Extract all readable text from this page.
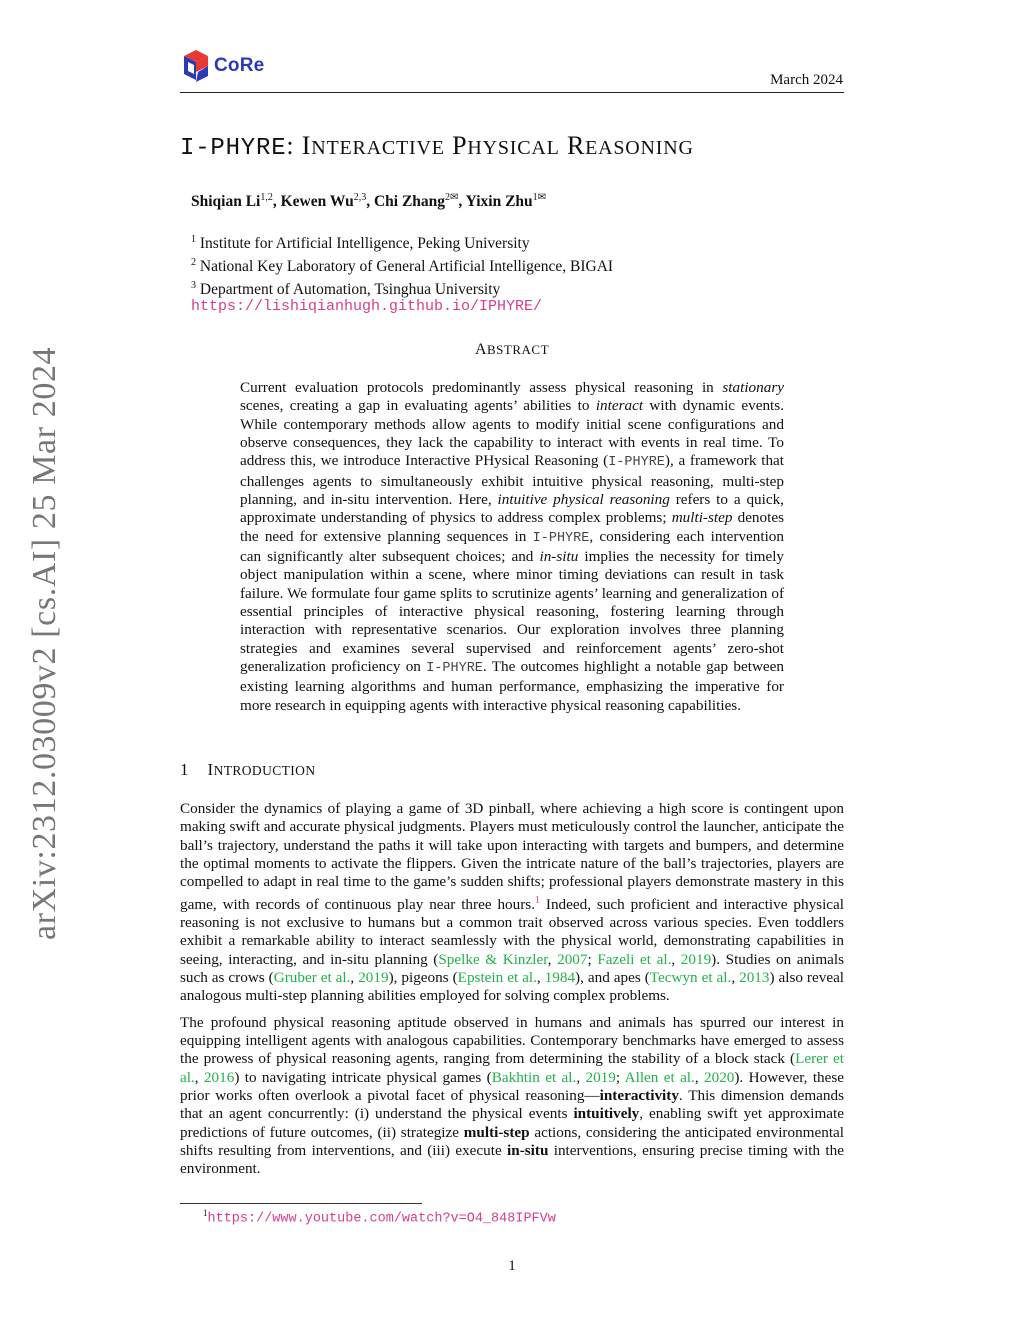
CoRe
March 2024
arXiv:2312.03009v2 [cs.AI] 25 Mar 2024
I-PHYRE: INTERACTIVE PHYSICAL REASONING
Shiqian Li$^{1,2}$, Kewen Wu$^{2,3}$, Chi Zhang$^{2✉}$, Yixin Zhu$^{1✉}$
$^1$ Institute for Artificial Intelligence, Peking University
$^2$ National Key Laboratory of General Artificial Intelligence, BIGAI
$^3$ Department of Automation, Tsinghua University
https://lishiqianhugh.github.io/IPHYRE/
ABSTRACT
Current evaluation protocols predominantly assess physical reasoning in stationary scenes, creating a gap in evaluating agents’ abilities to interact with dynamic events. While contemporary methods allow agents to modify initial scene configurations and observe consequences, they lack the capability to interact with events in real time. To address this, we introduce Interactive PHysical Reasoning (I-PHYRE), a framework that challenges agents to simultaneously exhibit intuitive physical reasoning, multi-step planning, and in-situ intervention. Here, intuitive physical reasoning refers to a quick, approximate understanding of physics to address complex problems; multi-step denotes the need for extensive planning sequences in I-PHYRE, considering each intervention can significantly alter subsequent choices; and in-situ implies the necessity for timely object manipulation within a scene, where minor timing deviations can result in task failure. We formulate four game splits to scrutinize agents’ learning and generalization of essential principles of interactive physical reasoning, fostering learning through interaction with representative scenarios. Our exploration involves three planning strategies and examines several supervised and reinforcement agents’ zero-shot generalization proficiency on I-PHYRE. The outcomes highlight a notable gap between existing learning algorithms and human performance, emphasizing the imperative for more research in equipping agents with interactive physical reasoning capabilities.
1 INTRODUCTION

Consider the dynamics of playing a game of 3D pinball, where achieving a high score is contingent upon making swift and accurate physical judgments. Players must meticulously control the launcher, anticipate the ball’s trajectory, understand the paths it will take upon interacting with targets and bumpers, and determine the optimal moments to activate the flippers. Given the intricate nature of the ball’s trajectories, players are compelled to adapt in real time to the game’s sudden shifts; professional players demonstrate mastery in this game, with records of continuous play near three hours.$^1$ Indeed, such proficient and interactive physical reasoning is not exclusive to humans but a common trait observed across various species. Even toddlers exhibit a remarkable ability to interact seamlessly with the physical world, demonstrating capabilities in seeing, interacting, and in-situ planning (Spelke & Kinzler, 2007; Fazeli et al., 2019). Studies on animals such as crows (Gruber et al., 2019), pigeons (Epstein et al., 1984), and apes (Tecwyn et al., 2013) also reveal analogous multi-step planning abilities employed for solving complex problems.

The profound physical reasoning aptitude observed in humans and animals has spurred our interest in equipping intelligent agents with analogous capabilities. Contemporary benchmarks have emerged to assess the prowess of physical reasoning agents, ranging from determining the stability of a block stack (Lerer et al., 2016) to navigating intricate physical games (Bakhtin et al., 2019; Allen et al., 2020). However, these prior works often overlook a pivotal facet of physical reasoning—interactivity. This dimension demands that an agent concurrently: (i) understand the physical events intuitively, enabling swift yet approximate predictions of future outcomes, (ii) strategize multi-step actions, considering the anticipated environmental shifts resulting from interventions, and (iii) execute in-situ interventions, ensuring precise timing with the environment.

$^1$https://www.youtube.com/watch?v=O4_848IPFVw
1
